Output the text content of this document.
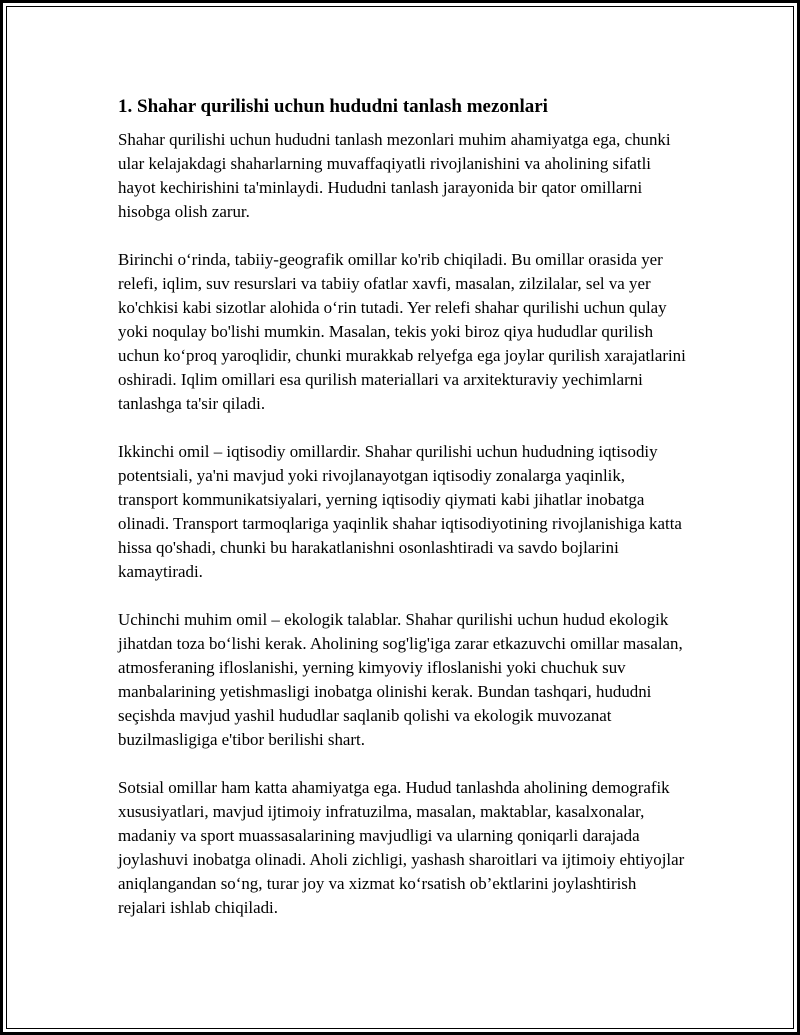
1. Shahar qurilishi uchun hududni tanlash mezonlari

Shahar qurilishi uchun hududni tanlash mezonlari muhim ahamiyatga ega, chunki ular kelajakdagi shaharlarning muvaffaqiyatli rivojlanishini va aholining sifatli hayot kechirishini ta'minlaydi. Hududni tanlash jarayonida bir qator omillarni hisobga olish zarur.

Birinchi o‘rinda, tabiiy-geografik omillar ko'rib chiqiladi. Bu omillar orasida yer relefi, iqlim, suv resurslari va tabiiy ofatlar xavfi, masalan, zilzilalar, sel va yer ko'chkisi kabi sizotlar alohida o‘rin tutadi. Yer relefi shahar qurilishi uchun qulay yoki noqulay bo'lishi mumkin. Masalan, tekis yoki biroz qiya hududlar qurilish uchun ko‘proq yaroqlidir, chunki murakkab relyefga ega joylar qurilish xarajatlarini oshiradi. Iqlim omillari esa qurilish materiallari va arxitekturaviy yechimlarni tanlashga ta'sir qiladi.

Ikkinchi omil – iqtisodiy omillardir. Shahar qurilishi uchun hududning iqtisodiy potentsiali, ya'ni mavjud yoki rivojlanayotgan iqtisodiy zonalarga yaqinlik, transport kommunikatsiyalari, yerning iqtisodiy qiymati kabi jihatlar inobatga olinadi. Transport tarmoqlariga yaqinlik shahar iqtisodiyotining rivojlanishiga katta hissa qo'shadi, chunki bu harakatlanishni osonlashtiradi va savdo bojlarini kamaytiradi.

Uchinchi muhim omil – ekologik talablar. Shahar qurilishi uchun hudud ekologik jihatdan toza bo‘lishi kerak. Aholining sog'lig'iga zarar etkazuvchi omillar masalan, atmosferaning ifloslanishi, yerning kimyoviy ifloslanishi yoki chuchuk suv manbalarining yetishmasligi inobatga olinishi kerak. Bundan tashqari, hududni seçishda mavjud yashil hududlar saqlanib qolishi va ekologik muvozanat buzilmasligiga e'tibor berilishi shart.

Sotsial omillar ham katta ahamiyatga ega. Hudud tanlashda aholining demografik xususiyatlari, mavjud ijtimoiy infratuzilma, masalan, maktablar, kasalxonalar, madaniy va sport muassasalarining mavjudligi va ularning qoniqarli darajada joylashuvi inobatga olinadi. Aholi zichligi, yashash sharoitlari va ijtimoiy ehtiyojlar aniqlangandan so‘ng, turar joy va xizmat ko‘rsatish ob’ektlarini joylashtirish rejalari ishlab chiqiladi.
